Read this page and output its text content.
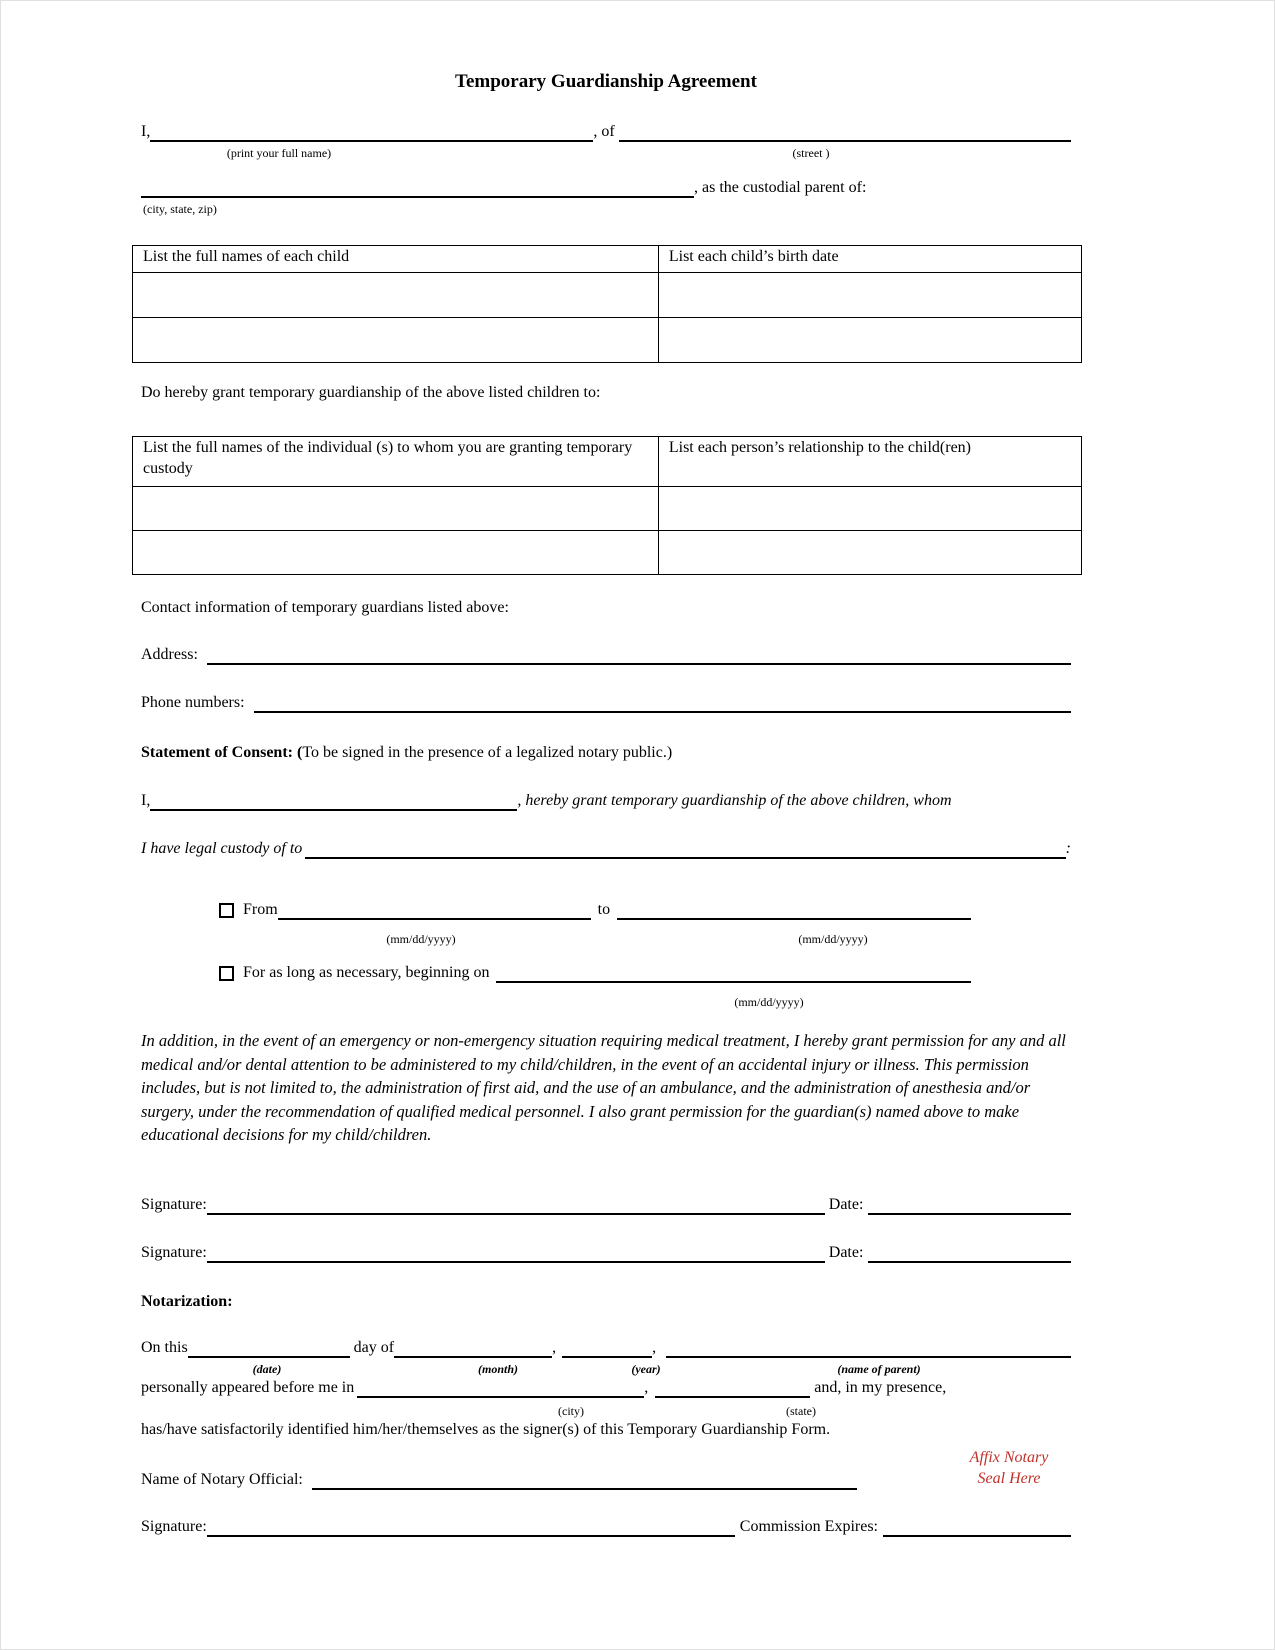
Temporary Guardianship Agreement
I,	, of
(print your full name)	(street )
, as the custodial parent of:
(city, state, zip)
List the full names of each child	List each child’s birth date

Do hereby grant temporary guardianship of the above listed children to:
List the full names of the individual (s) to whom you are granting temporary custody	List each person’s relationship to the child(ren)

Contact information of temporary guardians listed above:
Address:
Phone numbers:
Statement of Consent: ( To be signed in the presence of a legalized notary public.)
I,	, hereby grant temporary guardianship of the above children, whom
I have legal custody of to	:
From	to
(mm/dd/yyyy)	(mm/dd/yyyy)
For as long as necessary, beginning on
(mm/dd/yyyy)
In addition, in the event of an emergency or non-emergency situation requiring medical treatment, I hereby grant permission for any and all medical and/or dental attention to be administered to my child/children, in the event of an accidental injury or illness. This permission includes, but is not limited to, the administration of first aid, and the use of an ambulance, and the administration of anesthesia and/or surgery, under the recommendation of qualified medical personnel. I also grant permission for the guardian(s) named above to make educational decisions for my child/children.
Signature:	Date:
Signature:	Date:
Notarization:
On this	day of	,	,
(date)	(month)	(year)	(name of parent)
personally appeared before me in	,	and, in my presence,
(city)	(state)
has/have satisfactorily identified him/her/themselves as the signer(s) of this Temporary Guardianship Form.
Affix Notary
Seal Here
Name of Notary Official:
Signature:	Commission Expires:
